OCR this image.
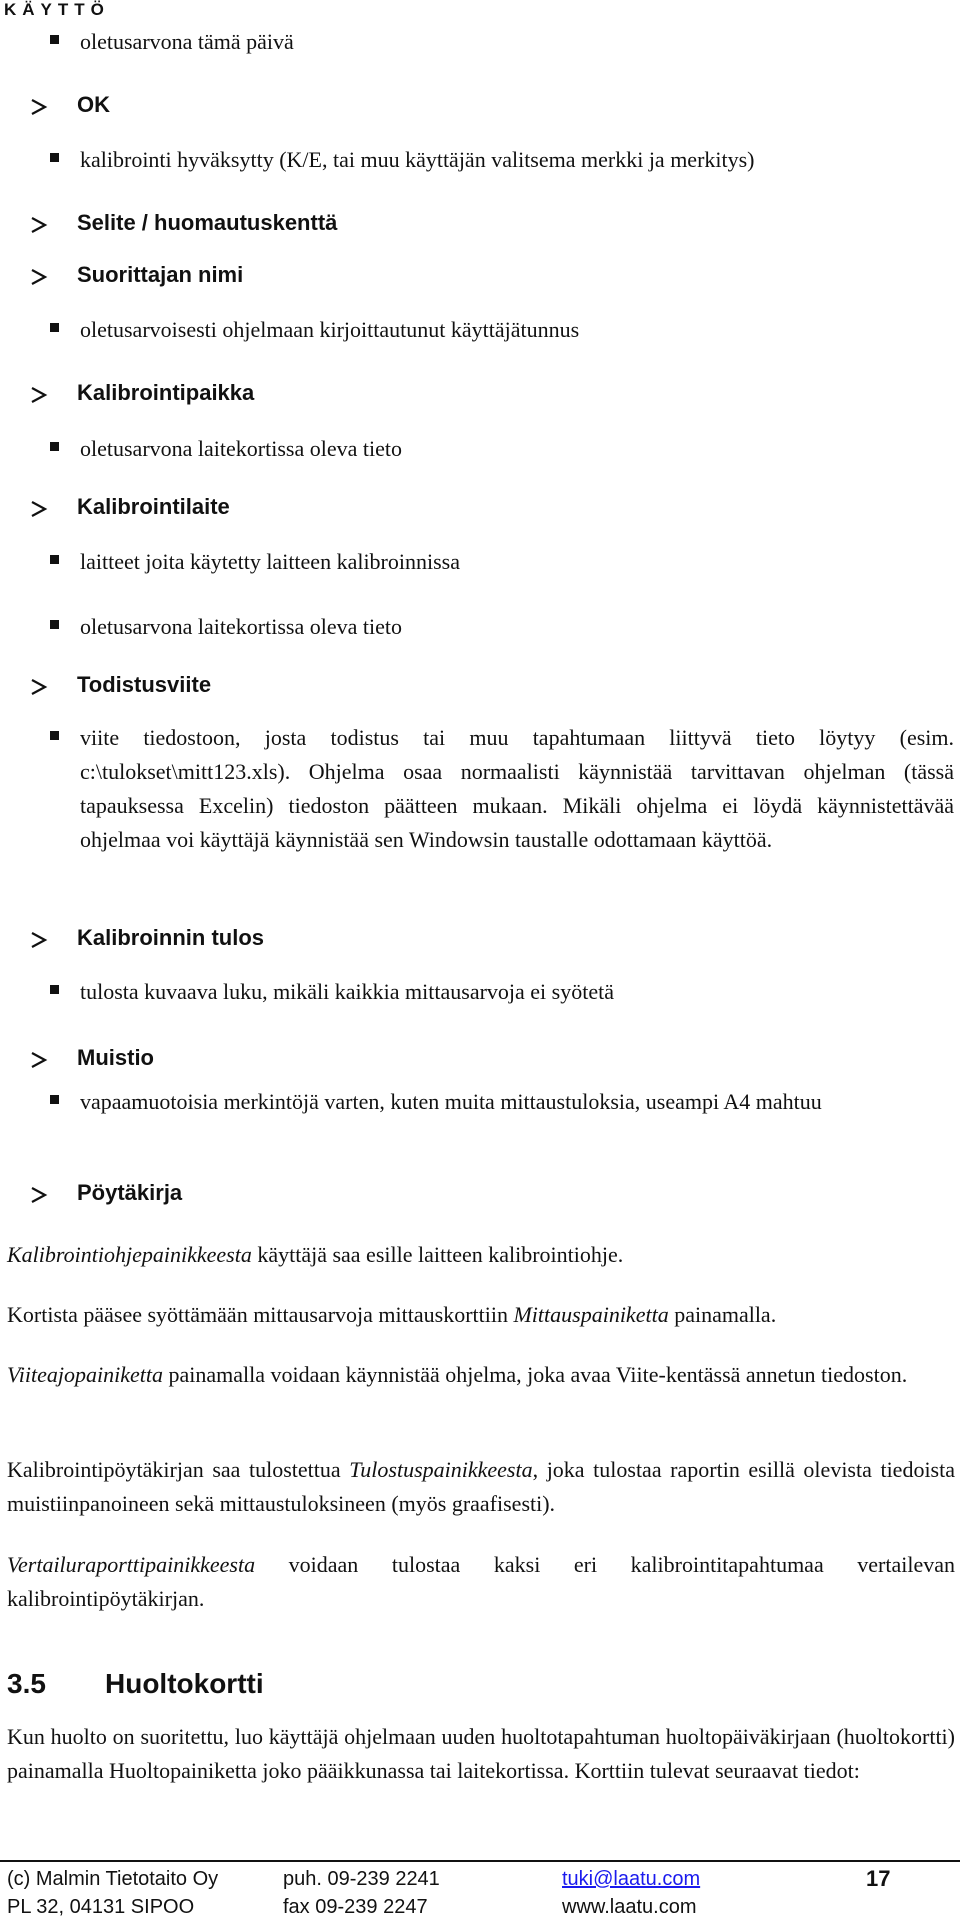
KÄYTTÖ
oletusarvona tämä päivä
OK
kalibrointi hyväksytty (K/E, tai muu käyttäjän valitsema merkki ja merkitys)
Selite / huomautuskenttä
Suorittajan nimi
oletusarvoisesti ohjelmaan kirjoittautunut käyttäjätunnus
Kalibrointipaikka
oletusarvona laitekortissa oleva tieto
Kalibrointilaite
laitteet joita käytetty laitteen kalibroinnissa
oletusarvona laitekortissa oleva tieto
Todistusviite
viite tiedostoon, josta todistus tai muu tapahtumaan liittyvä tieto löytyy (esim. c:\tulokset\mitt123.xls). Ohjelma osaa normaalisti käynnistää tarvittavan ohjelman (tässä tapauksessa Excelin) tiedoston päätteen mukaan. Mikäli ohjelma ei löydä käynnistettävää ohjelmaa voi käyttäjä käynnistää sen Windowsin taustalle odottamaan käyttöä.
Kalibroinnin tulos
tulosta kuvaava luku, mikäli kaikkia mittausarvoja ei syötetä
Muistio
vapaamuotoisia merkintöjä varten, kuten muita mittaustuloksia, useampi A4 mahtuu
Pöytäkirja
Kalibrointiohjepainikkeesta käyttäjä saa esille laitteen kalibrointiohje.
Kortista pääsee syöttämään mittausarvoja mittauskorttiin Mittauspainiketta painamalla.
Viiteajopainiketta painamalla voidaan käynnistää ohjelma, joka avaa Viite-kentässä annetun tiedoston.
Kalibrointipöytäkirjan saa tulostettua Tulostuspainikkeesta, joka tulostaa raportin esillä olevista tiedoista muistiinpanoineen sekä mittaustuloksineen (myös graafisesti).
Vertailuraporttipainikkeesta voidaan tulostaa kaksi eri kalibrointitapahtumaa vertailevan kalibrointipöytäkirjan.
3.5 Huoltokortti
Kun huolto on suoritettu, luo käyttäjä ohjelmaan uuden huoltotapahtuman huoltopäiväkirjaan (huoltokortti) painamalla Huoltopainiketta joko pääikkunassa tai laitekortissa. Korttiin tulevat seuraavat tiedot:
(c) Malmin Tietotaito Oy
PL 32, 04131 SIPOO
puh. 09-239 2241
fax 09-239 2247
tuki@laatu.com
www.laatu.com
17
